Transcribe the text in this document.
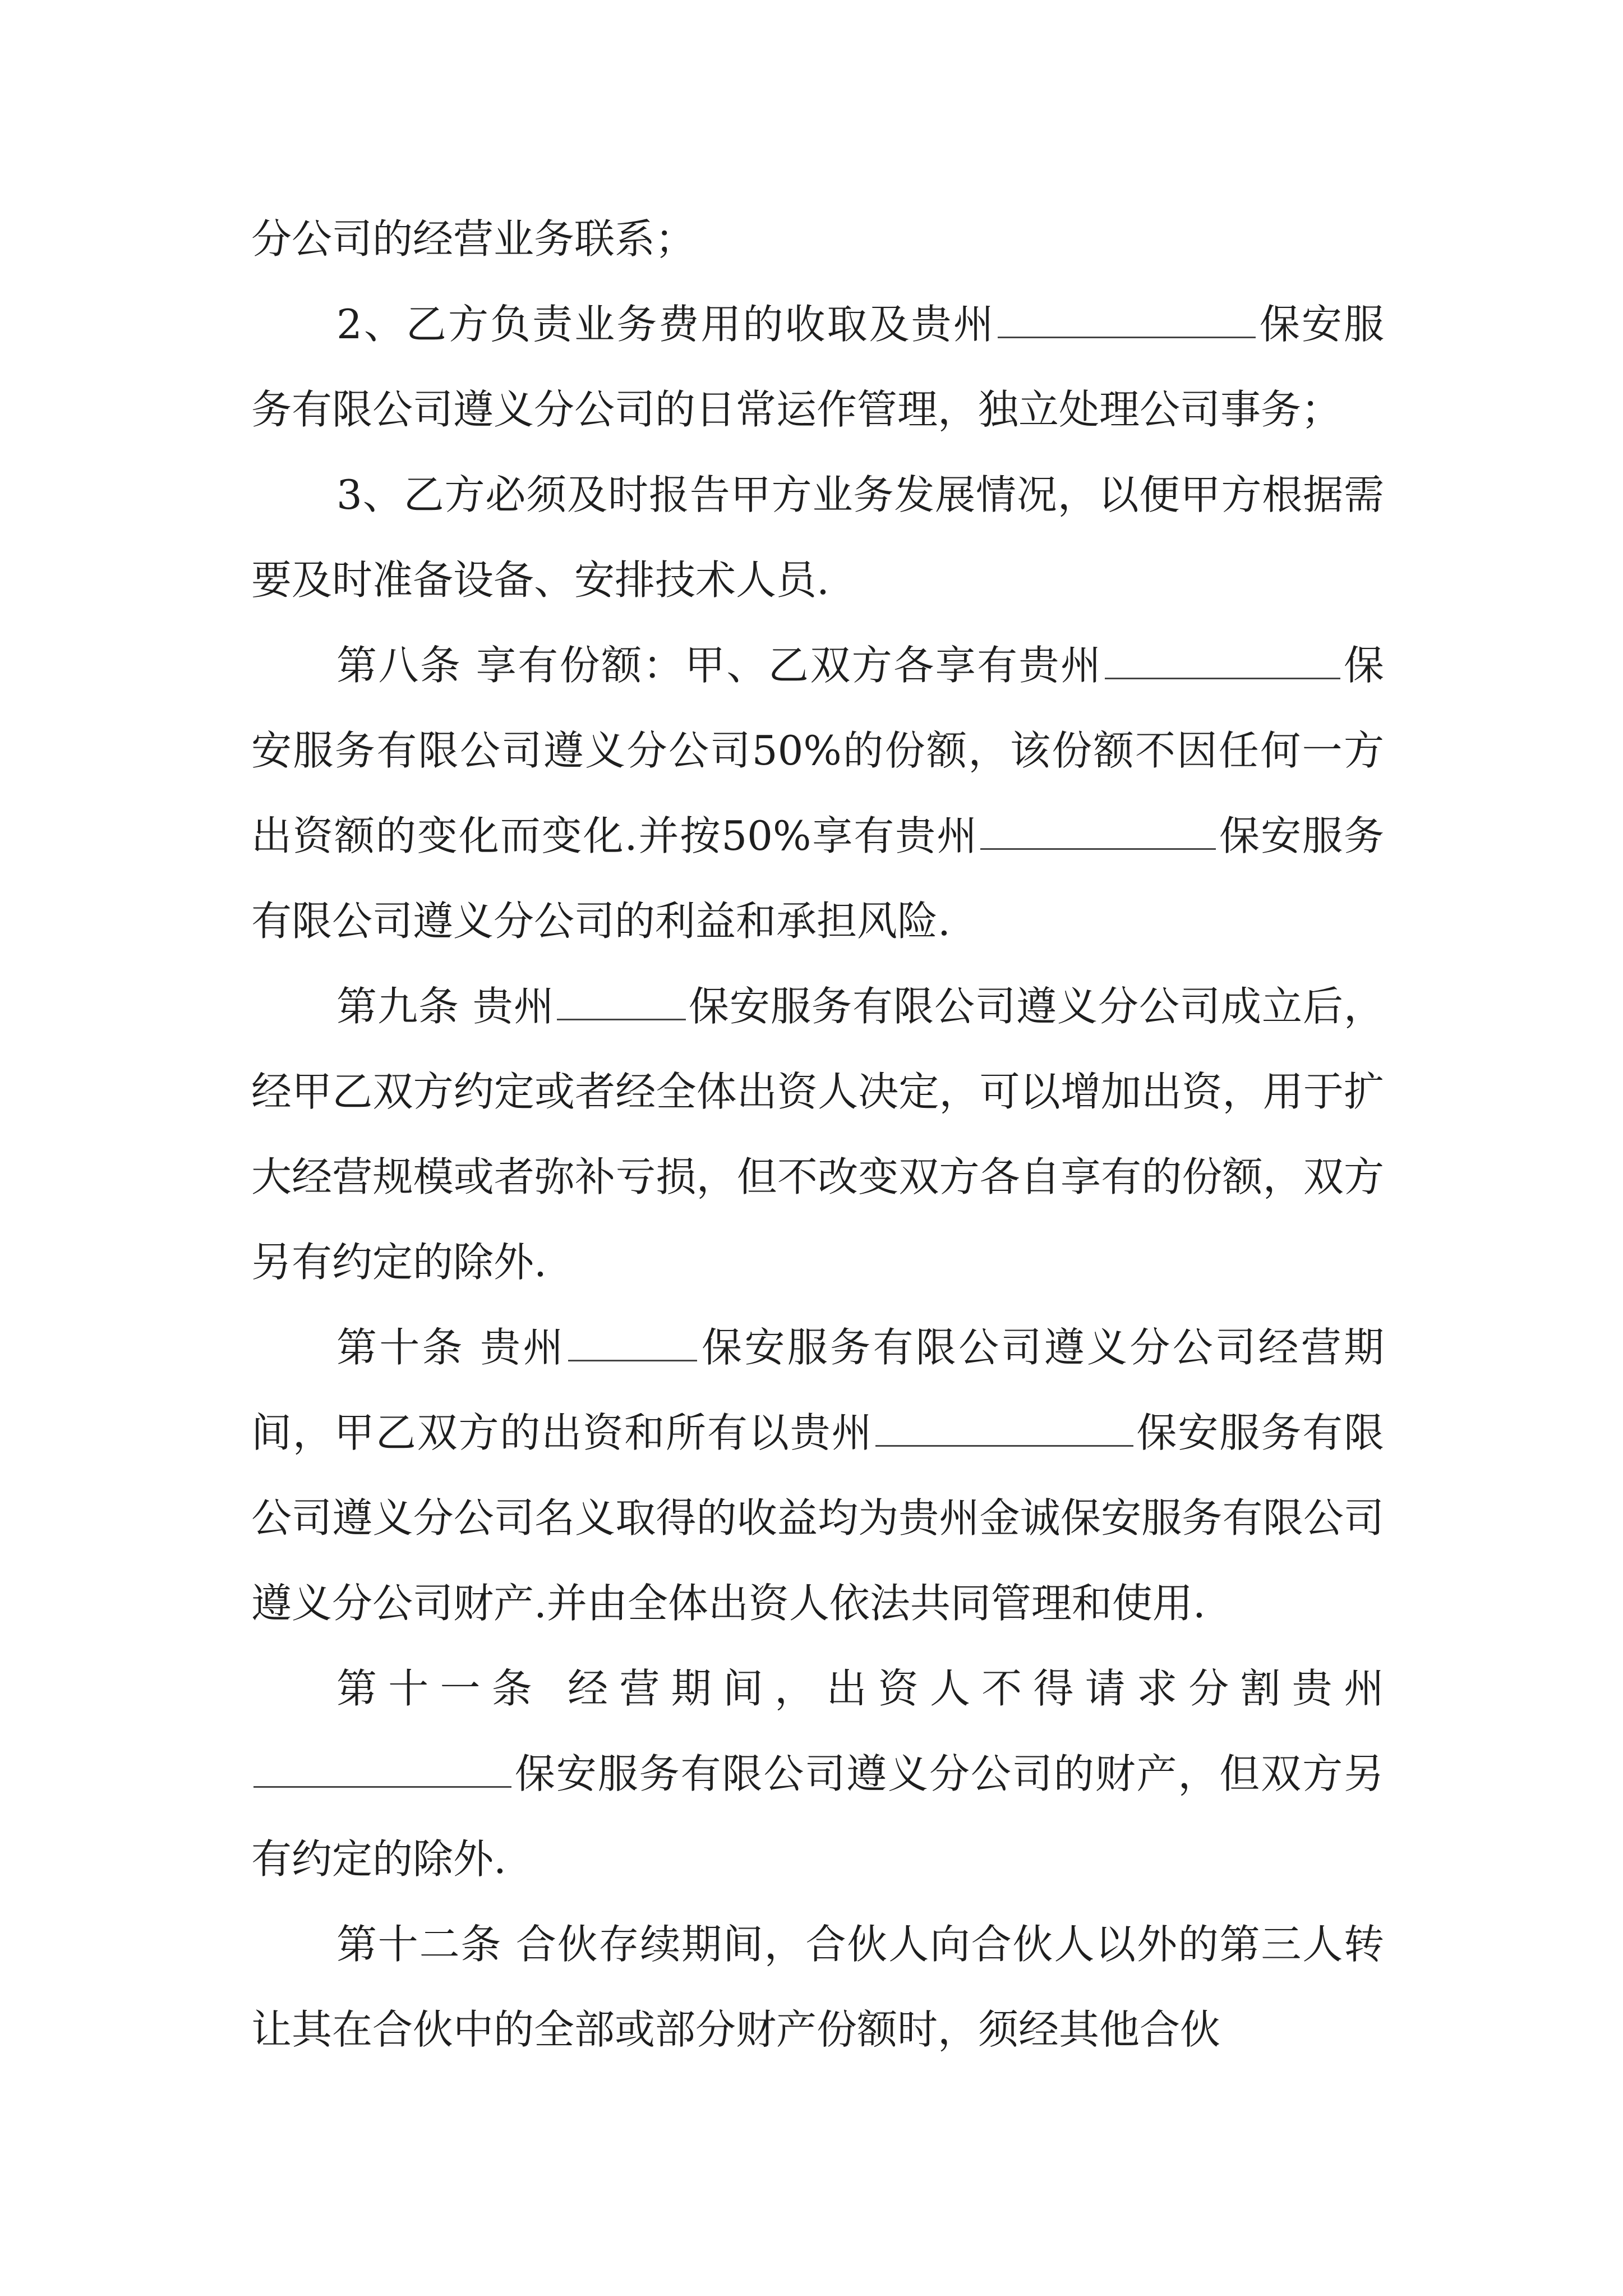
分公司的经营业务联系；

2、乙方负责业务费用的收取及贵州	保安服务有限公司遵义分公司的日常运作管理，独立处理公司事务；

3、乙方必须及时报告甲方业务发展情况，以便甲方根据需要及时准备设备、安排技术人员.

第八条 享有份额：甲、乙双方各享有贵州	保安服务有限公司遵义分公司50%的份额，该份额不因任何一方出资额的变化而变化.并按50%享有贵州	保安服务有限公司遵义分公司的利益和承担风险.

第九条 贵州	保安服务有限公司遵义分公司成立后，经甲乙双方约定或者经全体出资人决定，可以增加出资，用于扩大经营规模或者弥补亏损，但不改变双方各自享有的份额，双方另有约定的除外.

第十条 贵州	保安服务有限公司遵义分公司经营期间，甲乙双方的出资和所有以贵州	保安服务有限公司遵义分公司名义取得的收益均为贵州金诚保安服务有限公司遵义分公司财产.并由全体出资人依法共同管理和使用.

第十一条 经营期间，出资人不得请求分割贵州保安服务有限公司遵义分公司的财产，但双方另有约定的除外.

第十二条 合伙存续期间，合伙人向合伙人以外的第三人转让其在合伙中的全部或部分财产份额时，须经其他合伙
